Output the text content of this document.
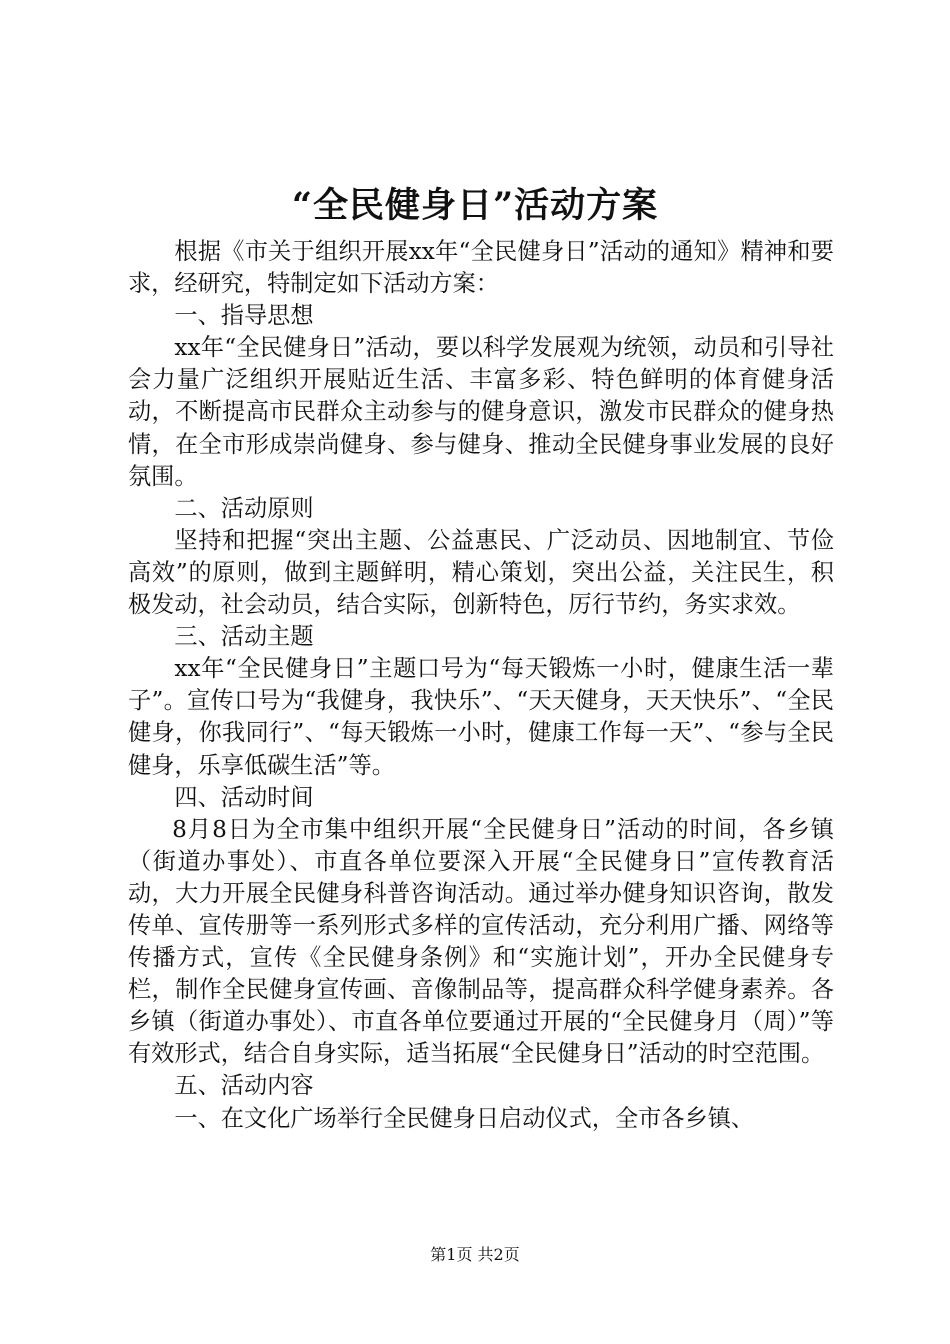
“全民健身日”活动方案

根据《市关于组织开展xx年“全民健身日”活动的通知》精神和要求，经研究，特制定如下活动方案：

一、指导思想

xx年“全民健身日”活动，要以科学发展观为统领，动员和引导社会力量广泛组织开展贴近生活、丰富多彩、特色鲜明的体育健身活动，不断提高市民群众主动参与的健身意识，激发市民群众的健身热情，在全市形成崇尚健身、参与健身、推动全民健身事业发展的良好氛围。

二、活动原则

坚持和把握“突出主题、公益惠民、广泛动员、因地制宜、节俭高效”的原则，做到主题鲜明，精心策划，突出公益，关注民生，积极发动，社会动员，结合实际，创新特色，厉行节约，务实求效。

三、活动主题

xx年“全民健身日”主题口号为“每天锻炼一小时，健康生活一辈子”。宣传口号为“我健身，我快乐”、“天天健身，天天快乐”、“全民健身，你我同行”、“每天锻炼一小时，健康工作每一天”、“参与全民健身，乐享低碳生活”等。

四、活动时间

8月8日为全市集中组织开展“全民健身日”活动的时间，各乡镇（街道办事处）、市直各单位要深入开展“全民健身日”宣传教育活动，大力开展全民健身科普咨询活动。通过举办健身知识咨询，散发传单、宣传册等一系列形式多样的宣传活动，充分利用广播、网络等传播方式，宣传《全民健身条例》和“实施计划”，开办全民健身专栏，制作全民健身宣传画、音像制品等，提高群众科学健身素养。各乡镇（街道办事处）、市直各单位要通过开展的“全民健身月（周）”等有效形式，结合自身实际，适当拓展“全民健身日”活动的时空范围。

五、活动内容

一、在文化广场举行全民健身日启动仪式，全市各乡镇、

第1页 共2页
